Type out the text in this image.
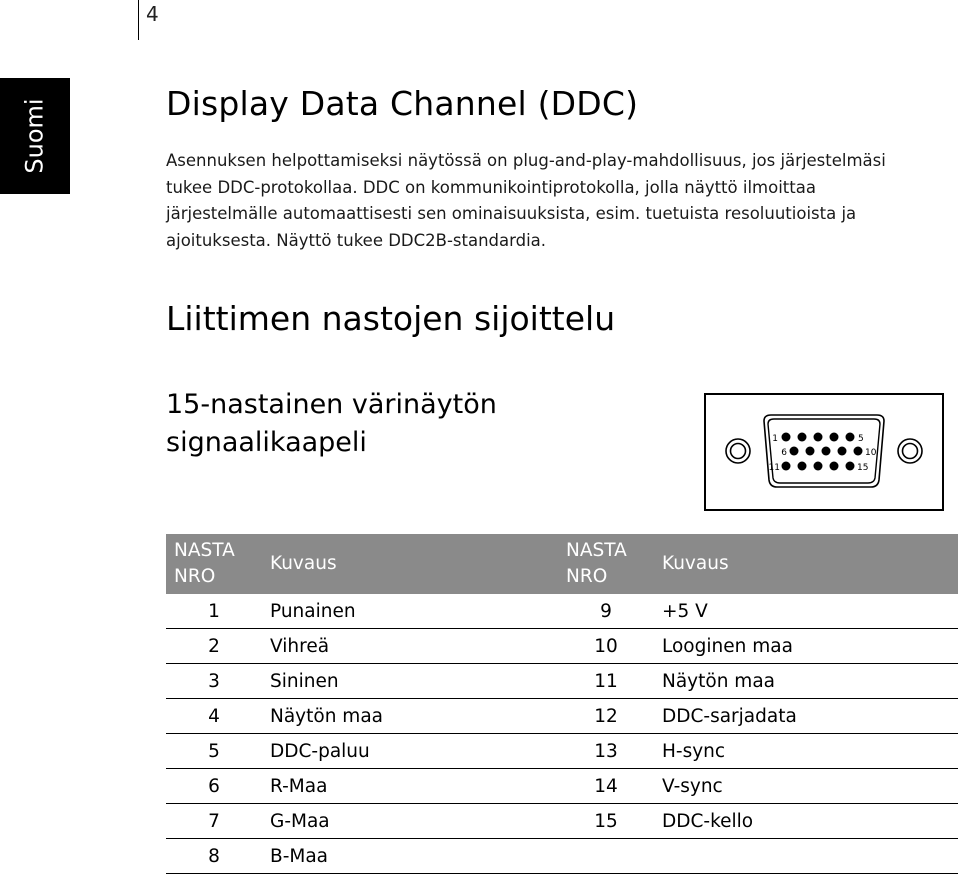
4
Suomi	Display Data Channel (DDC)

Asennuksen helpottamiseksi näytössä on plug-and-play-mahdollisuus, jos järjestelmäsi tukee DDC-protokollaa. DDC on kommunikointiprotokolla, jolla näyttö ilmoittaa järjestelmälle automaattisesti sen ominaisuuksista, esim. tuetuista resoluutioista ja ajoituksesta. Näyttö tukee DDC2B-standardia.

Liittimen nastojen sijoittelu
15-nastainen värinäytön signaalikaapeli	1	5
6	10
11	15
NASTA NRO	Kuvaus	NASTA NRO	Kuvaus
1	Punainen	9	+5 V
2	Vihreä	10	Looginen maa
3	Sininen	11	Näytön maa
4	Näytön maa	12	DDC-sarjadata
5	DDC-paluu	13	H-sync
6	R-Maa	14	V-sync
7	G-Maa	15	DDC-kello
8	B-Maa		
